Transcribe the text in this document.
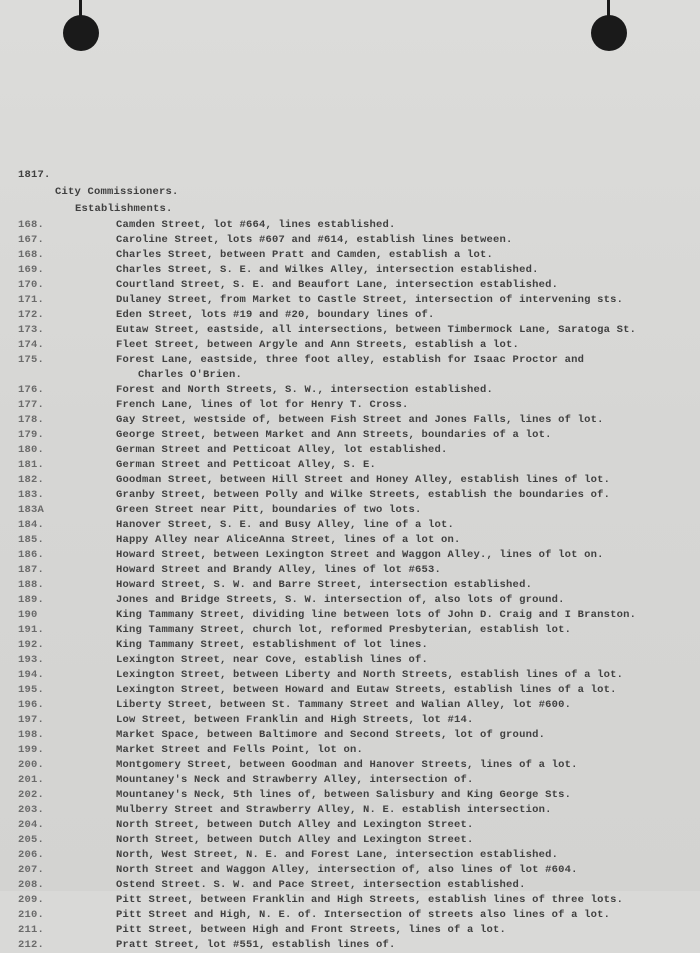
1817.
City Commissioners.
Establishments.
168.	Camden Street, lot #664, lines established.
167.	Caroline Street, lots #607 and #614, establish lines between.
168.	Charles Street, between Pratt and Camden, establish a lot.
169.	Charles Street, S. E. and Wilkes Alley, intersection established.
170.	Courtland Street, S. E. and Beaufort Lane, intersection established.
171.	Dulaney Street, from Market to Castle Street, intersection of intervening sts.
172.	Eden Street, lots #19 and #20, boundary lines of.
173.	Eutaw Street, eastside, all intersections, between Timbermock Lane, Saratoga St.
174.	Fleet Street, between Argyle and Ann Streets, establish a lot.
175.	Forest Lane, eastside, three foot alley, establish for Isaac Proctor and
Charles O'Brien.
176.	Forest and North Streets, S. W., intersection established.
177.	French Lane, lines of lot for Henry T. Cross.
178.	Gay Street, westside of, between Fish Street and Jones Falls, lines of lot.
179.	George Street, between Market and Ann Streets, boundaries of a lot.
180.	German Street and Petticoat Alley, lot established.
181.	German Street and Petticoat Alley, S. E.
182.	Goodman Street, between Hill Street and Honey Alley, establish lines of lot.
183.	Granby Street, between Polly and Wilke Streets, establish the boundaries of.
183A	Green Street near Pitt, boundaries of two lots.
184.	Hanover Street, S. E. and Busy Alley, line of a lot.
185.	Happy Alley near AliceAnna Street, lines of a lot on.
186.	Howard Street, between Lexington Street and Waggon Alley., lines of lot on.
187.	Howard Street and Brandy Alley, lines of lot #653.
188.	Howard Street, S. W. and Barre Street, intersection established.
189.	Jones and Bridge Streets, S. W. intersection of, also lots of ground.
190	King Tammany Street, dividing line between lots of John D. Craig and I Branston.
191.	King Tammany Street, church lot, reformed Presbyterian, establish lot.
192.	King Tammany Street, establishment of lot lines.
193.	Lexington Street, near Cove, establish lines of.
194.	Lexington Street, between Liberty and North Streets, establish lines of a lot.
195.	Lexington Street, between Howard and Eutaw Streets, establish lines of a lot.
196.	Liberty Street, between St. Tammany Street and Walian Alley, lot #600.
197.	Low Street, between Franklin and High Streets, lot #14.
198.	Market Space, between Baltimore and Second Streets, lot of ground.
199.	Market Street and Fells Point, lot on.
200.	Montgomery Street, between Goodman and Hanover Streets, lines of a lot.
201.	Mountaney's Neck and Strawberry Alley, intersection of.
202.	Mountaney's Neck, 5th lines of, between Salisbury and King George Sts.
203.	Mulberry Street and Strawberry Alley, N. E. establish intersection.
204.	North Street, between Dutch Alley and Lexington Street.
205.	North Street, between Dutch Alley and Lexington Street.
206.	North, West Street, N. E. and Forest Lane, intersection established.
207.	North Street and Waggon Alley, intersection of, also lines of lot #604.
208.	Ostend Street. S. W. and Pace Street, intersection established.
209.	Pitt Street, between Franklin and High Streets, establish lines of three lots.
210.	Pitt Street and High, N. E. of. Intersection of streets also lines of a lot.
211.	Pitt Street, between High and Front Streets, lines of a lot.
212.	Pratt Street, lot #551, establish lines of.
